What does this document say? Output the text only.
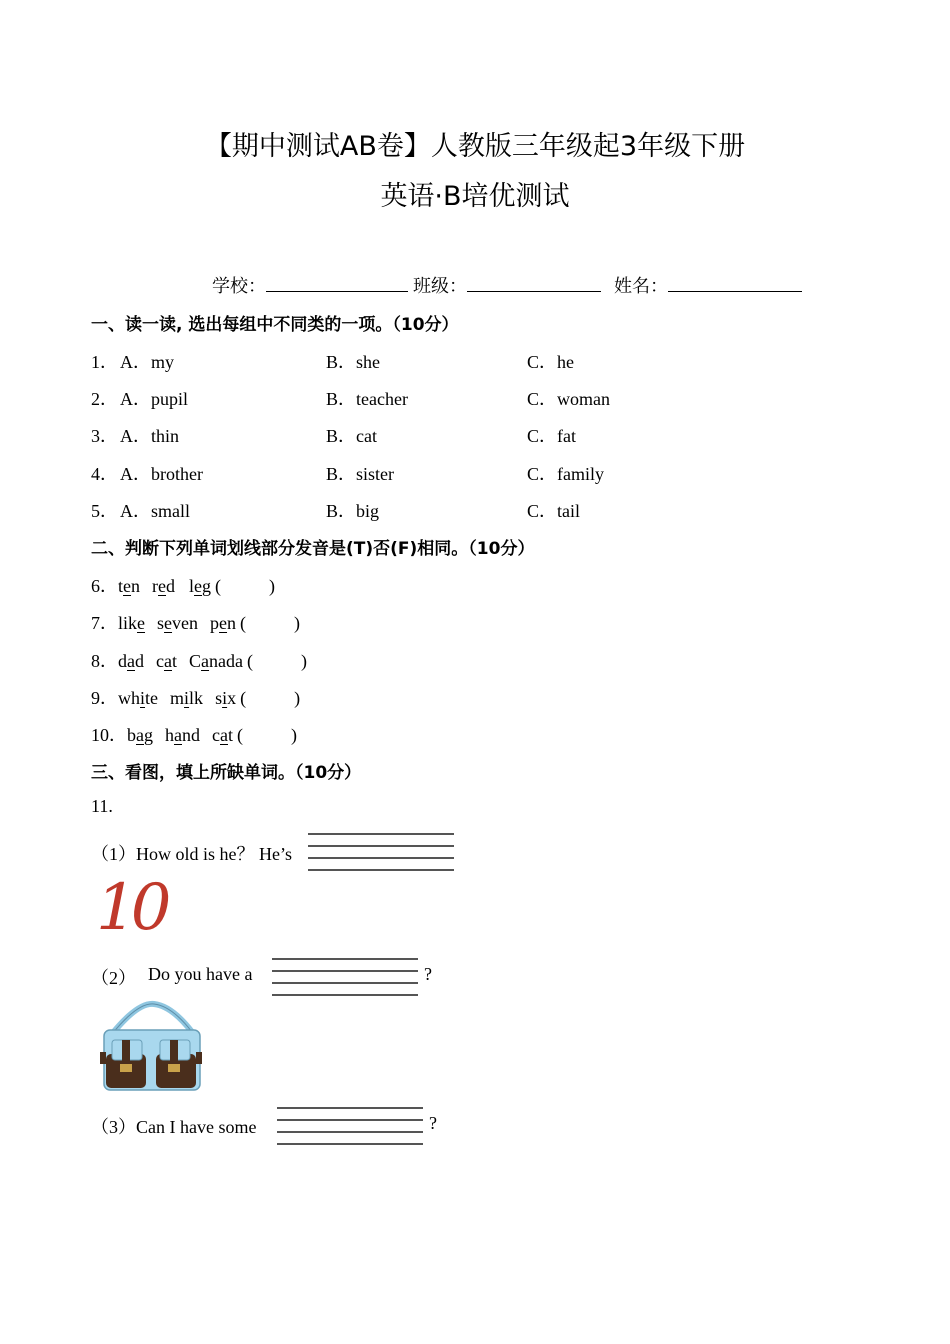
【期中测试AB卷】人教版三年级起3年级下册
英语·B培优测试
学校：	班级：	姓名：
一、读一读, 选出每组中不同类的一项。（10分）
1． A．my	B．she	C．he
2． A．pupil	B．teacher	C．woman
3． A．thin	B．cat	C．fat
4． A．brother	B．sister	C．family
5． A．small	B．big	C．tail
二、判断下列单词划线部分发音是(T)否(F)相同。（10分）
6．ten red leg (	)
7．like seven pen (	)
8．dad cat Canada (	)
9．white milk six (	)
10．bag hand cat (	)
三、看图，填上所缺单词。（10分）
11.
（1）How old is he？ He’s
10
（2） Do you have a	?
（3）Can I have some	?
